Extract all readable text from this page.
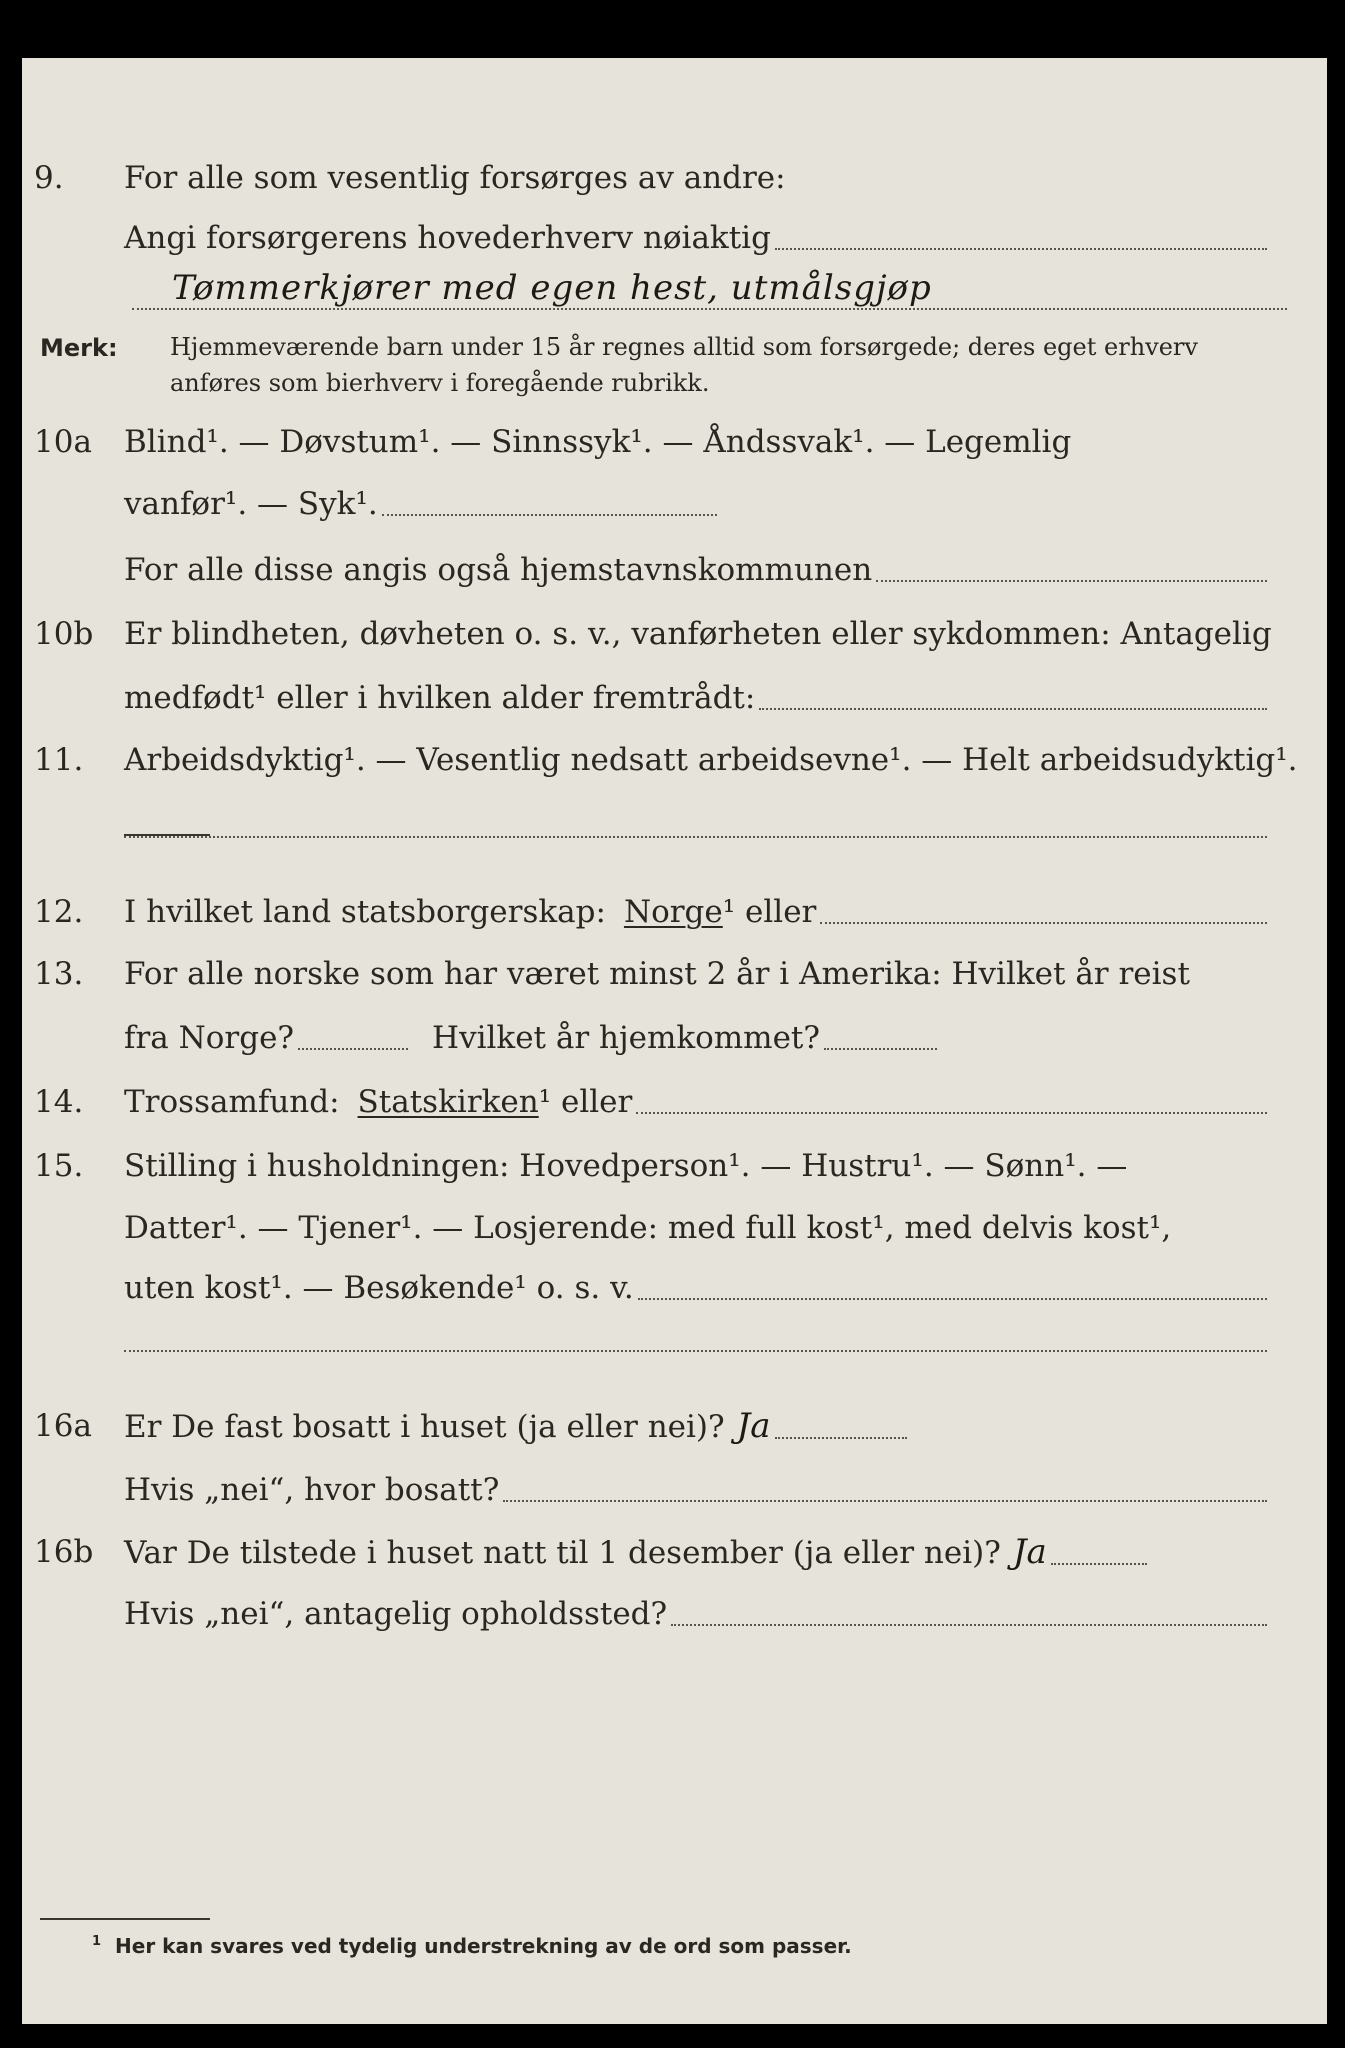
9. For alle som vesentlig forsørges av andre:
Angi forsørgerens hovederhverv nøiaktig
Tømmerkjører med egen hest, utmålsgjøp
Merk: Hjemmeværende barn under 15 år regnes alltid som forsørgede; deres eget erhverv
anføres som bierhverv i foregående rubrikk.
10a Blind¹. — Døvstum¹. — Sinnssyk¹. — Åndssvak¹. — Legemlig
vanfør¹. — Syk¹.
For alle disse angis også hjemstavnskommunen
10b Er blindheten, døvheten o. s. v., vanførheten eller sykdommen: Antagelig
medfødt¹ eller i hvilken alder fremtrådt:
11. Arbeidsdyktig¹. — Vesentlig nedsatt arbeidsevne¹. — Helt arbeidsudyktig¹.
12. I hvilket land statsborgerskap: Norge ¹ eller
13. For alle norske som har været minst 2 år i Amerika: Hvilket år reist
fra Norge?	Hvilket år hjemkommet?
14. Trossamfund: Statskirken ¹ eller
15. Stilling i husholdningen: Hovedperson¹. — Hustru¹. — Sønn¹. —
Datter¹. — Tjener¹. — Losjerende: med full kost¹, med delvis kost¹,
uten kost¹. — Besøkende¹ o. s. v.
16a Er De fast bosatt i huset (ja eller nei)? Ja
Hvis „nei“, hvor bosatt?
16b Var De tilstede i huset natt til 1 desember (ja eller nei)? Ja
Hvis „nei“, antagelig opholdssted?
$^1$ Her kan svares ved tydelig understrekning av de ord som passer.
